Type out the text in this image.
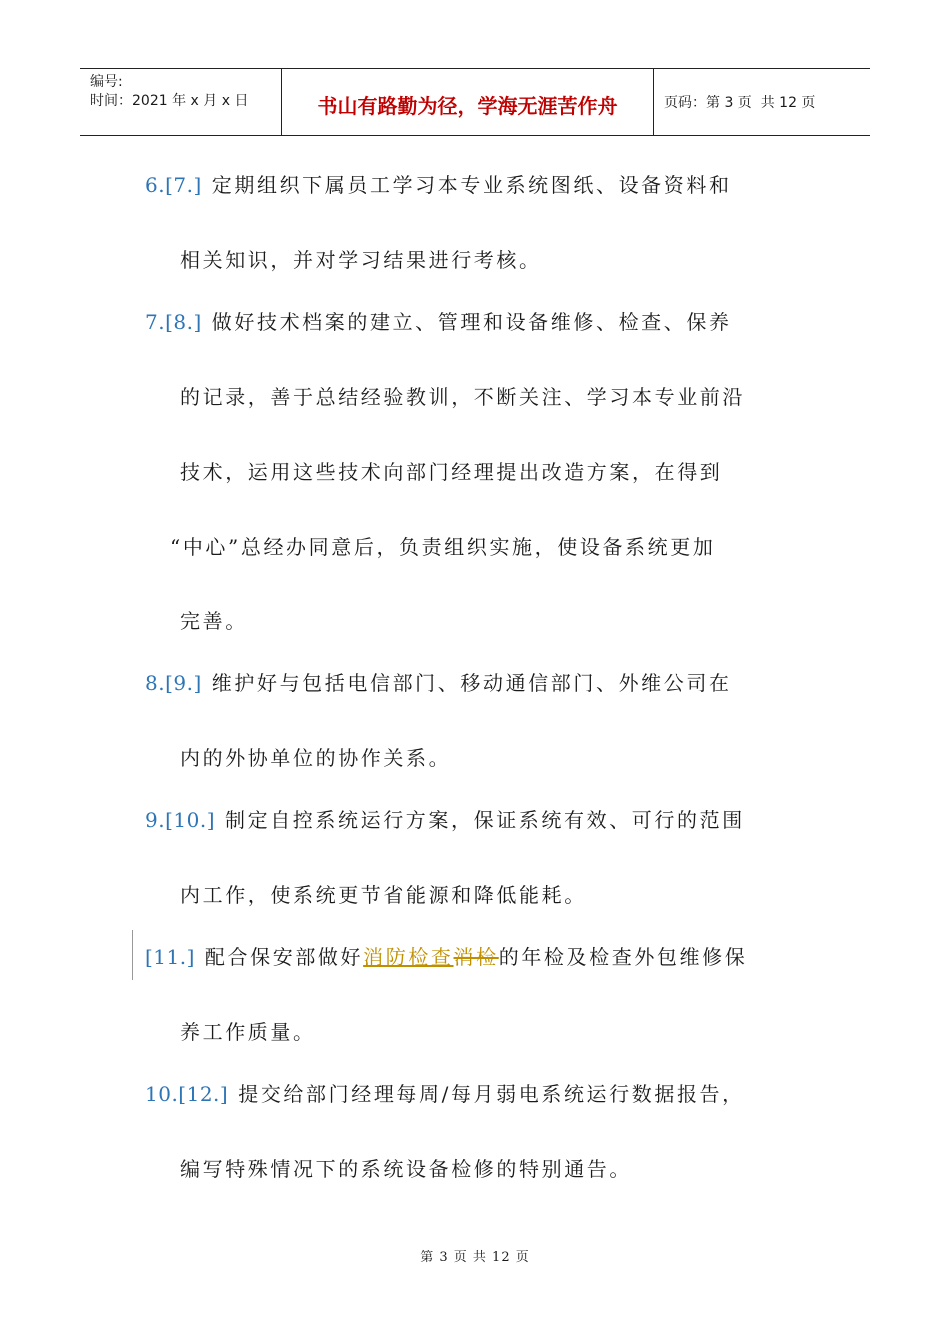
编号:
时间：2021 年 x 月 x 日	书山有路勤为径，学海无涯苦作舟	页码：第 3 页  共 12 页
6.[7.] 定期组织下属员工学习本专业系统图纸、设备资料和
相关知识，并对学习结果进行考核。
7.[8.] 做好技术档案的建立、管理和设备维修、检查、保养
的记录，善于总结经验教训，不断关注、学习本专业前沿
技术，运用这些技术向部门经理提出改造方案，在得到
“中心”总经办同意后，负责组织实施，使设备系统更加
完善。
8.[9.] 维护好与包括电信部门、移动通信部门、外维公司在
内的外协单位的协作关系。
9.[10.] 制定自控系统运行方案，保证系统有效、可行的范围
内工作，使系统更节省能源和降低能耗。
[11.] 配合保安部做好消防检查消检的年检及检查外包维修保
养工作质量。
10.[12.] 提交给部门经理每周/每月弱电系统运行数据报告，
编写特殊情况下的系统设备检修的特别通告。
第 3 页 共 12 页
